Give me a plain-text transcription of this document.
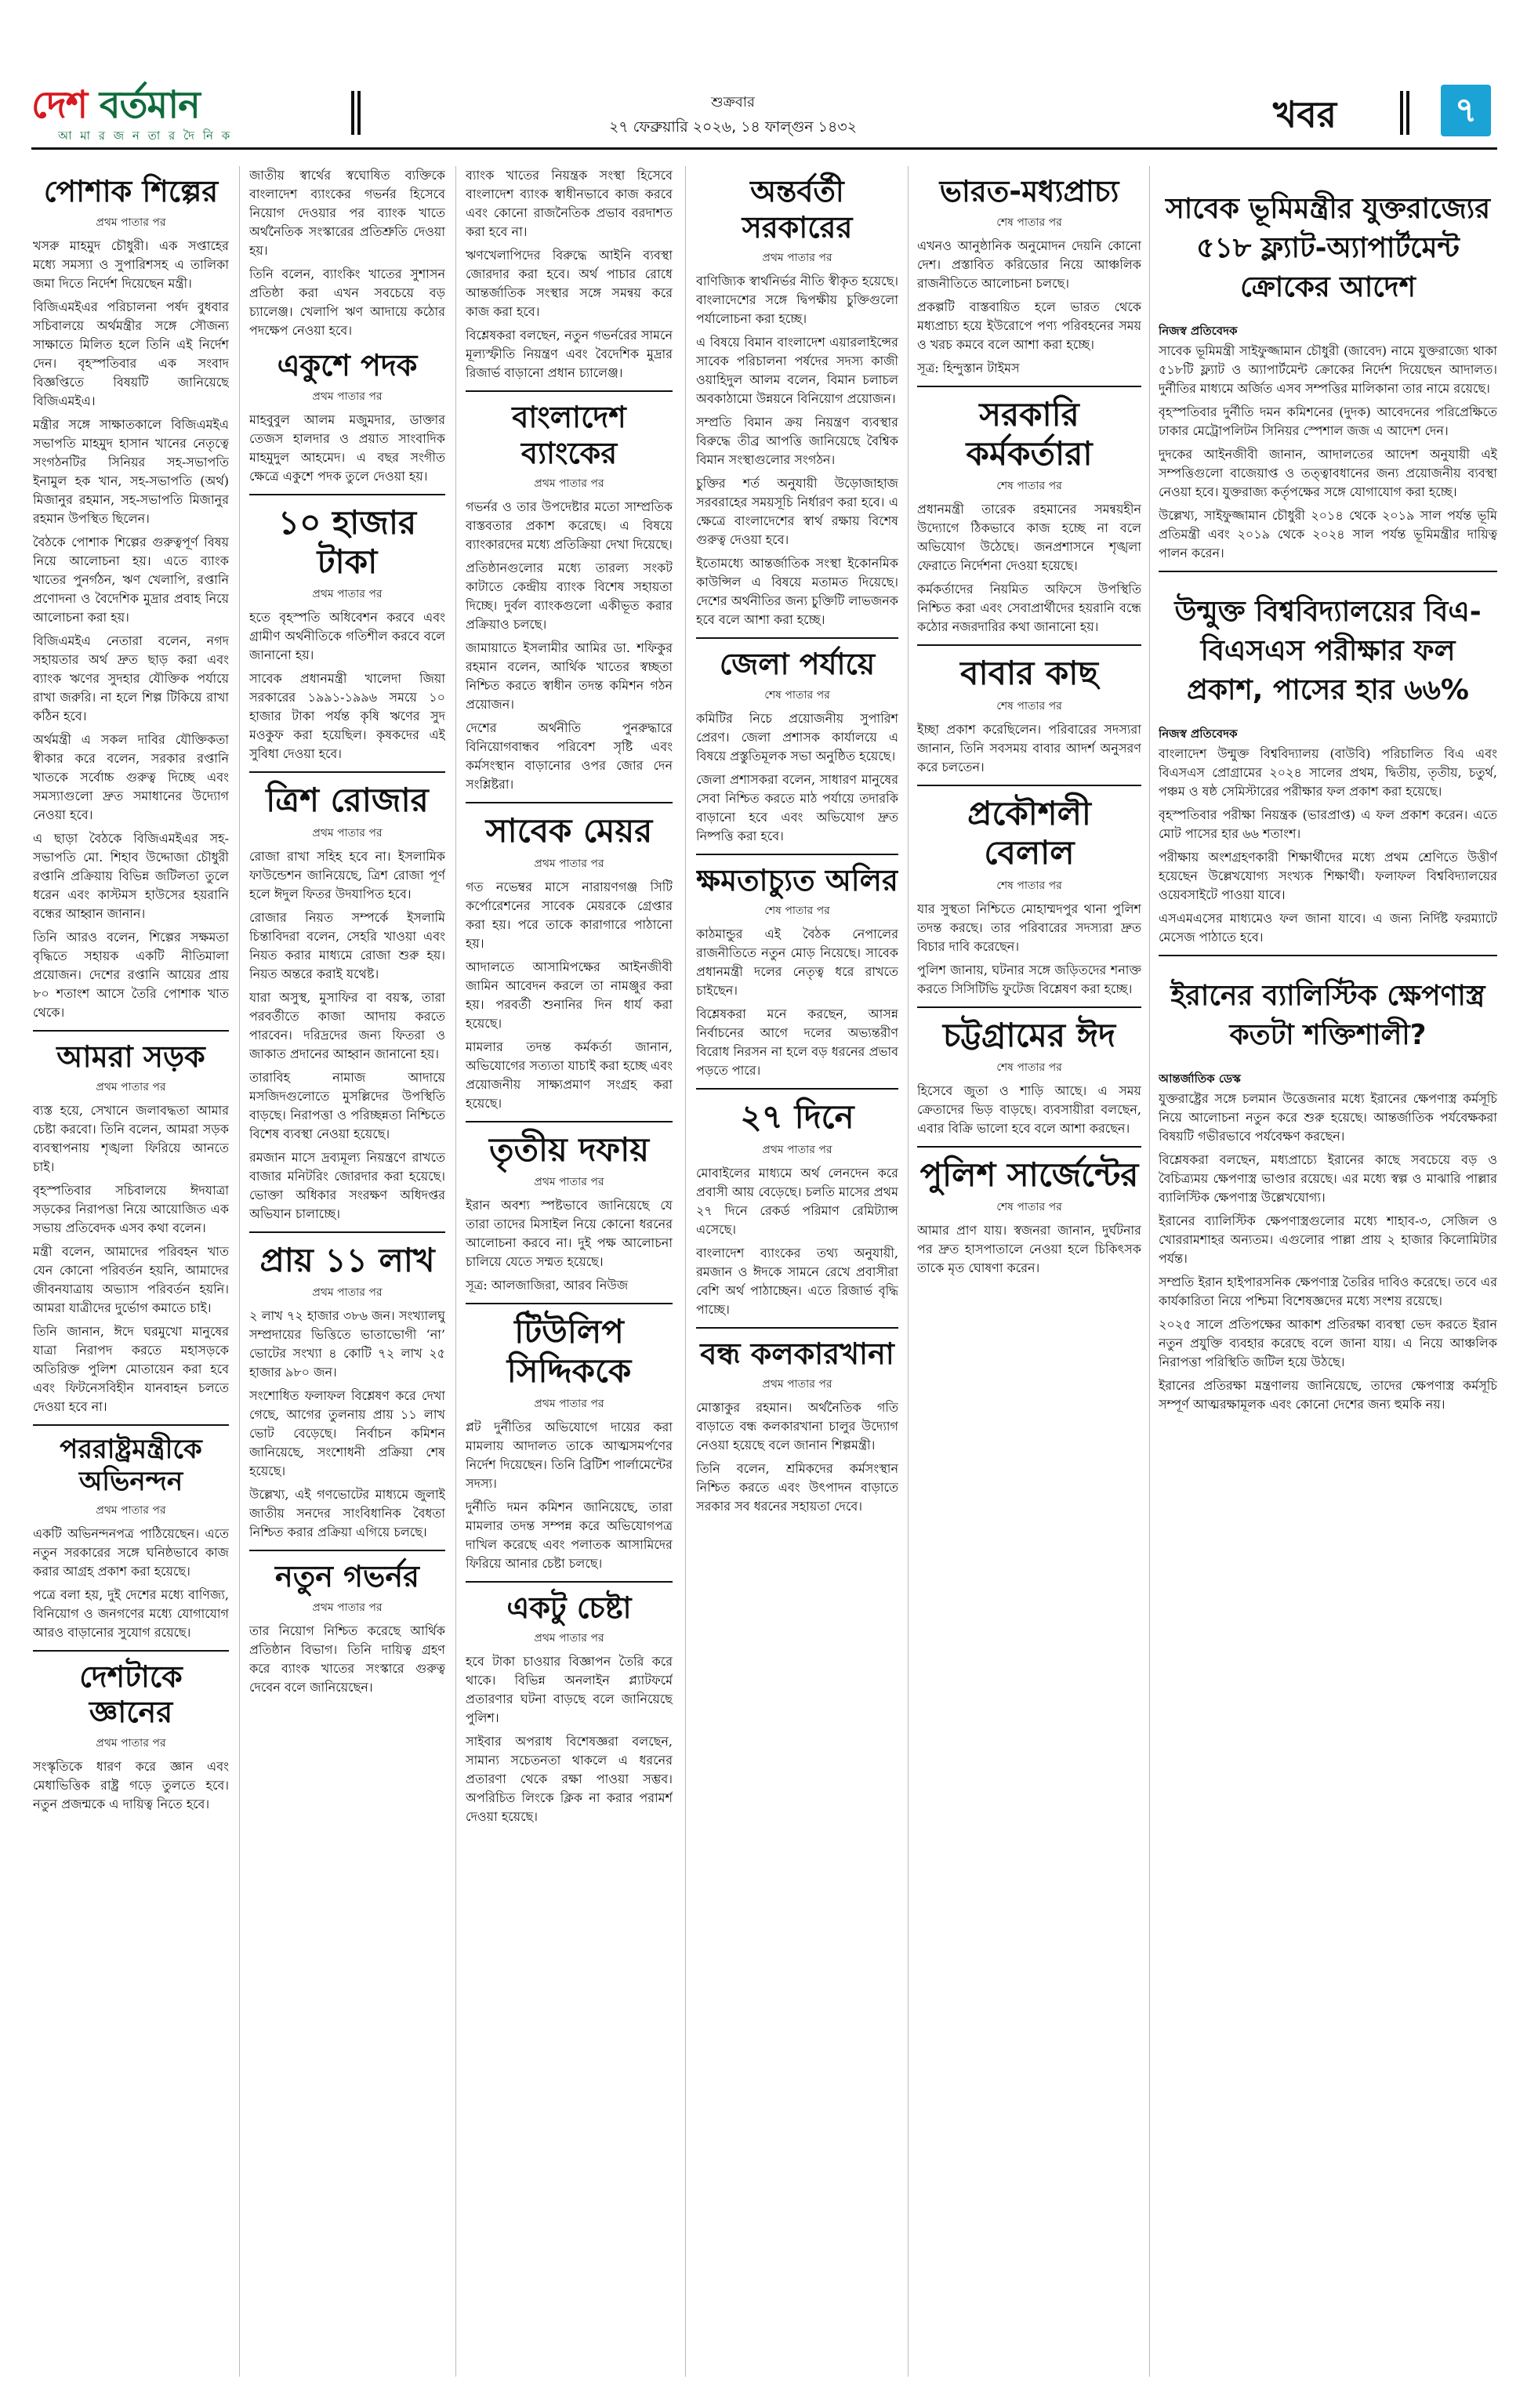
দেশ বর্তমান
আ মা র জ ন তা র দৈ নি ক
শুক্রবার
২৭ ফেব্রুয়ারি ২০২৬, ১৪ ফাল্গুন ১৪৩২	খবর	৭
পোশাক শিল্পের
প্রথম পাতার পর

খসরু মাহমুদ চৌধুরী। এক সপ্তাহের মধ্যে সমস্যা ও সুপারিশসহ এ তালিকা জমা দিতে নির্দেশ দিয়েছেন মন্ত্রী।

বিজিএমইএর পরিচালনা পর্ষদ বুধবার সচিবালয়ে অর্থমন্ত্রীর সঙ্গে সৌজন্য সাক্ষাতে মিলিত হলে তিনি এই নির্দেশ দেন। বৃহস্পতিবার এক সংবাদ বিজ্ঞপ্তিতে বিষয়টি জানিয়েছে বিজিএমইএ।

মন্ত্রীর সঙ্গে সাক্ষাতকালে বিজিএমইএ সভাপতি মাহমুদ হাসান খানের নেতৃত্বে সংগঠনটির সিনিয়র সহ-সভাপতি ইনামুল হক খান, সহ-সভাপতি (অর্থ) মিজানুর রহমান, সহ-সভাপতি মিজানুর রহমান উপস্থিত ছিলেন।

বৈঠকে পোশাক শিল্পের গুরুত্বপূর্ণ বিষয় নিয়ে আলোচনা হয়। এতে ব্যাংক খাতের পুনর্গঠন, ঋণ খেলাপি, রপ্তানি প্রণোদনা ও বৈদেশিক মুদ্রার প্রবাহ নিয়ে আলোচনা করা হয়।

বিজিএমইএ নেতারা বলেন, নগদ সহায়তার অর্থ দ্রুত ছাড় করা এবং ব্যাংক ঋণের সুদহার যৌক্তিক পর্যায়ে রাখা জরুরি। না হলে শিল্প টিকিয়ে রাখা কঠিন হবে।

অর্থমন্ত্রী এ সকল দাবির যৌক্তিকতা স্বীকার করে বলেন, সরকার রপ্তানি খাতকে সর্বোচ্চ গুরুত্ব দিচ্ছে এবং সমস্যাগুলো দ্রুত সমাধানের উদ্যোগ নেওয়া হবে।

এ ছাড়া বৈঠকে বিজিএমইএর সহ-সভাপতি মো. শিহাব উদ্দোজা চৌধুরী রপ্তানি প্রক্রিয়ায় বিভিন্ন জটিলতা তুলে ধরেন এবং কাস্টমস হাউসের হয়রানি বন্ধের আহ্বান জানান।

তিনি আরও বলেন, শিল্পের সক্ষমতা বৃদ্ধিতে সহায়ক একটি নীতিমালা প্রয়োজন। দেশের রপ্তানি আয়ের প্রায় ৮০ শতাংশ আসে তৈরি পোশাক খাত থেকে।

আমরা সড়ক
প্রথম পাতার পর

ব্যস্ত হয়ে, সেখানে জলাবদ্ধতা আমার চেষ্টা করবো। তিনি বলেন, আমরা সড়ক ব্যবস্থাপনায় শৃঙ্খলা ফিরিয়ে আনতে চাই।

বৃহস্পতিবার সচিবালয়ে ঈদযাত্রা সড়কের নিরাপত্তা নিয়ে আয়োজিত এক সভায় প্রতিবেদক এসব কথা বলেন।

মন্ত্রী বলেন, আমাদের পরিবহন খাত যেন কোনো পরিবর্তন হয়নি, আমাদের জীবনযাত্রায় অভ্যাস পরিবর্তন হয়নি। আমরা যাত্রীদের দুর্ভোগ কমাতে চাই।

তিনি জানান, ঈদে ঘরমুখো মানুষের যাত্রা নিরাপদ করতে মহাসড়কে অতিরিক্ত পুলিশ মোতায়েন করা হবে এবং ফিটনেসবিহীন যানবাহন চলতে দেওয়া হবে না।

পররাষ্ট্রমন্ত্রীকে অভিনন্দন
প্রথম পাতার পর

একটি অভিনন্দনপত্র পাঠিয়েছেন। এতে নতুন সরকারের সঙ্গে ঘনিষ্ঠভাবে কাজ করার আগ্রহ প্রকাশ করা হয়েছে।

পত্রে বলা হয়, দুই দেশের মধ্যে বাণিজ্য, বিনিয়োগ ও জনগণের মধ্যে যোগাযোগ আরও বাড়ানোর সুযোগ রয়েছে।

দেশটাকে জ্ঞানের
প্রথম পাতার পর

সংস্কৃতিকে ধারণ করে জ্ঞান এবং মেধাভিত্তিক রাষ্ট্র গড়ে তুলতে হবে। নতুন প্রজন্মকে এ দায়িত্ব নিতে হবে।

জাতীয় স্বার্থের স্বঘোষিত ব্যক্তিকে বাংলাদেশ ব্যাংকের গভর্নর হিসেবে নিয়োগ দেওয়ার পর ব্যাংক খাতে অর্থনৈতিক সংস্কারের প্রতিশ্রুতি দেওয়া হয়।

তিনি বলেন, ব্যাংকিং খাতের সুশাসন প্রতিষ্ঠা করা এখন সবচেয়ে বড় চ্যালেঞ্জ। খেলাপি ঋণ আদায়ে কঠোর পদক্ষেপ নেওয়া হবে।

একুশে পদক
প্রথম পাতার পর

মাহবুবুল আলম মজুমদার, ডাক্তার তেজস হালদার ও প্রয়াত সাংবাদিক মাহমুদুল আহমেদ। এ বছর সংগীত ক্ষেত্রে একুশে পদক তুলে দেওয়া হয়।

১০ হাজার টাকা
প্রথম পাতার পর

হতে বৃহস্পতি অধিবেশন করবে এবং গ্রামীণ অর্থনীতিকে গতিশীল করবে বলে জানানো হয়।

সাবেক প্রধানমন্ত্রী খালেদা জিয়া সরকারের ১৯৯১-১৯৯৬ সময়ে ১০ হাজার টাকা পর্যন্ত কৃষি ঋণের সুদ মওকুফ করা হয়েছিল। কৃষকদের এই সুবিধা দেওয়া হবে।

ত্রিশ রোজার
প্রথম পাতার পর

রোজা রাখা সহিহ হবে না। ইসলামিক ফাউন্ডেশন জানিয়েছে, ত্রিশ রোজা পূর্ণ হলে ঈদুল ফিতর উদযাপিত হবে।

রোজার নিয়ত সম্পর্কে ইসলামি চিন্তাবিদরা বলেন, সেহরি খাওয়া এবং নিয়ত করার মাধ্যমে রোজা শুরু হয়। নিয়ত অন্তরে করাই যথেষ্ট।

যারা অসুস্থ, মুসাফির বা বয়স্ক, তারা পরবর্তীতে কাজা আদায় করতে পারবেন। দরিদ্রদের জন্য ফিতরা ও জাকাত প্রদানের আহ্বান জানানো হয়।

তারাবিহ নামাজ আদায়ে মসজিদগুলোতে মুসল্লিদের উপস্থিতি বাড়ছে। নিরাপত্তা ও পরিচ্ছন্নতা নিশ্চিতে বিশেষ ব্যবস্থা নেওয়া হয়েছে।

রমজান মাসে দ্রব্যমূল্য নিয়ন্ত্রণে রাখতে বাজার মনিটরিং জোরদার করা হয়েছে। ভোক্তা অধিকার সংরক্ষণ অধিদপ্তর অভিযান চালাচ্ছে।

প্রায় ১১ লাখ
প্রথম পাতার পর

২ লাখ ৭২ হাজার ৩৮৬ জন। সংখ্যালঘু সম্প্রদায়ের ভিত্তিতে ভাতাভোগী ‘না’ ভোটের সংখ্যা ৪ কোটি ৭২ লাখ ২৫ হাজার ৯৮০ জন।

সংশোধিত ফলাফল বিশ্লেষণ করে দেখা গেছে, আগের তুলনায় প্রায় ১১ লাখ ভোট বেড়েছে। নির্বাচন কমিশন জানিয়েছে, সংশোধনী প্রক্রিয়া শেষ হয়েছে।

উল্লেখ্য, এই গণভোটের মাধ্যমে জুলাই জাতীয় সনদের সাংবিধানিক বৈধতা নিশ্চিত করার প্রক্রিয়া এগিয়ে চলছে।

নতুন গভর্নর
প্রথম পাতার পর

তার নিয়োগ নিশ্চিত করেছে আর্থিক প্রতিষ্ঠান বিভাগ। তিনি দায়িত্ব গ্রহণ করে ব্যাংক খাতের সংস্কারে গুরুত্ব দেবেন বলে জানিয়েছেন।

ব্যাংক খাতের নিয়ন্ত্রক সংস্থা হিসেবে বাংলাদেশ ব্যাংক স্বাধীনভাবে কাজ করবে এবং কোনো রাজনৈতিক প্রভাব বরদাশত করা হবে না।

ঋণখেলাপিদের বিরুদ্ধে আইনি ব্যবস্থা জোরদার করা হবে। অর্থ পাচার রোধে আন্তর্জাতিক সংস্থার সঙ্গে সমন্বয় করে কাজ করা হবে।

বিশ্লেষকরা বলছেন, নতুন গভর্নরের সামনে মূল্যস্ফীতি নিয়ন্ত্রণ এবং বৈদেশিক মুদ্রার রিজার্ভ বাড়ানো প্রধান চ্যালেঞ্জ।

বাংলাদেশ ব্যাংকের
প্রথম পাতার পর

গভর্নর ও তার উপদেষ্টার মতো সাম্প্রতিক বাস্তবতার প্রকাশ করেছে। এ বিষয়ে ব্যাংকারদের মধ্যে প্রতিক্রিয়া দেখা দিয়েছে।

প্রতিষ্ঠানগুলোর মধ্যে তারল্য সংকট কাটাতে কেন্দ্রীয় ব্যাংক বিশেষ সহায়তা দিচ্ছে। দুর্বল ব্যাংকগুলো একীভূত করার প্রক্রিয়াও চলছে।

জামায়াতে ইসলামীর আমির ডা. শফিকুর রহমান বলেন, আর্থিক খাতের স্বচ্ছতা নিশ্চিত করতে স্বাধীন তদন্ত কমিশন গঠন প্রয়োজন।

দেশের অর্থনীতি পুনরুদ্ধারে বিনিয়োগবান্ধব পরিবেশ সৃষ্টি এবং কর্মসংস্থান বাড়ানোর ওপর জোর দেন সংশ্লিষ্টরা।

সাবেক মেয়র
প্রথম পাতার পর

গত নভেম্বর মাসে নারায়ণগঞ্জ সিটি কর্পোরেশনের সাবেক মেয়রকে গ্রেপ্তার করা হয়। পরে তাকে কারাগারে পাঠানো হয়।

আদালতে আসামিপক্ষের আইনজীবী জামিন আবেদন করলে তা নামঞ্জুর করা হয়। পরবর্তী শুনানির দিন ধার্য করা হয়েছে।

মামলার তদন্ত কর্মকর্তা জানান, অভিযোগের সত্যতা যাচাই করা হচ্ছে এবং প্রয়োজনীয় সাক্ষ্যপ্রমাণ সংগ্রহ করা হয়েছে।

তৃতীয় দফায়
প্রথম পাতার পর

ইরান অবশ্য স্পষ্টভাবে জানিয়েছে যে তারা তাদের মিসাইল নিয়ে কোনো ধরনের আলোচনা করবে না। দুই পক্ষ আলোচনা চালিয়ে যেতে সম্মত হয়েছে।

সূত্র: আলজাজিরা, আরব নিউজ

টিউলিপ সিদ্দিককে
প্রথম পাতার পর

প্লট দুর্নীতির অভিযোগে দায়ের করা মামলায় আদালত তাকে আত্মসমর্পণের নির্দেশ দিয়েছেন। তিনি ব্রিটিশ পার্লামেন্টের সদস্য।

দুর্নীতি দমন কমিশন জানিয়েছে, তারা মামলার তদন্ত সম্পন্ন করে অভিযোগপত্র দাখিল করেছে এবং পলাতক আসামিদের ফিরিয়ে আনার চেষ্টা চলছে।

একটু চেষ্টা
প্রথম পাতার পর

হবে টাকা চাওয়ার বিজ্ঞাপন তৈরি করে থাকে। বিভিন্ন অনলাইন প্ল্যাটফর্মে প্রতারণার ঘটনা বাড়ছে বলে জানিয়েছে পুলিশ।

সাইবার অপরাধ বিশেষজ্ঞরা বলছেন, সামান্য সচেতনতা থাকলে এ ধরনের প্রতারণা থেকে রক্ষা পাওয়া সম্ভব। অপরিচিত লিংকে ক্লিক না করার পরামর্শ দেওয়া হয়েছে।

অন্তর্বর্তী সরকারের
প্রথম পাতার পর

বাণিজ্যিক স্বার্থনির্ভর নীতি স্বীকৃত হয়েছে। বাংলাদেশের সঙ্গে দ্বিপক্ষীয় চুক্তিগুলো পর্যালোচনা করা হচ্ছে।

এ বিষয়ে বিমান বাংলাদেশ এয়ারলাইন্সের সাবেক পরিচালনা পর্ষদের সদস্য কাজী ওয়াহিদুল আলম বলেন, বিমান চলাচল অবকাঠামো উন্নয়নে বিনিয়োগ প্রয়োজন।

সম্প্রতি বিমান ক্রয় নিয়ন্ত্রণ ব্যবস্থার বিরুদ্ধে তীব্র আপত্তি জানিয়েছে বৈশ্বিক বিমান সংস্থাগুলোর সংগঠন।

চুক্তির শর্ত অনুযায়ী উড়োজাহাজ সরবরাহের সময়সূচি নির্ধারণ করা হবে। এ ক্ষেত্রে বাংলাদেশের স্বার্থ রক্ষায় বিশেষ গুরুত্ব দেওয়া হবে।

ইতোমধ্যে আন্তর্জাতিক সংস্থা ইকোনমিক কাউন্সিল এ বিষয়ে মতামত দিয়েছে। দেশের অর্থনীতির জন্য চুক্তিটি লাভজনক হবে বলে আশা করা হচ্ছে।

জেলা পর্যায়ে
শেষ পাতার পর

কমিটির নিচে প্রয়োজনীয় সুপারিশ প্রেরণ। জেলা প্রশাসক কার্যালয়ে এ বিষয়ে প্রস্তুতিমূলক সভা অনুষ্ঠিত হয়েছে।

জেলা প্রশাসকরা বলেন, সাধারণ মানুষের সেবা নিশ্চিত করতে মাঠ পর্যায়ে তদারকি বাড়ানো হবে এবং অভিযোগ দ্রুত নিষ্পত্তি করা হবে।

ক্ষমতাচ্যুত অলির
শেষ পাতার পর

কাঠমান্ডুর এই বৈঠক নেপালের রাজনীতিতে নতুন মোড় নিয়েছে। সাবেক প্রধানমন্ত্রী দলের নেতৃত্ব ধরে রাখতে চাইছেন।

বিশ্লেষকরা মনে করছেন, আসন্ন নির্বাচনের আগে দলের অভ্যন্তরীণ বিরোধ নিরসন না হলে বড় ধরনের প্রভাব পড়তে পারে।

২৭ দিনে
প্রথম পাতার পর

মোবাইলের মাধ্যমে অর্থ লেনদেন করে প্রবাসী আয় বেড়েছে। চলতি মাসের প্রথম ২৭ দিনে রেকর্ড পরিমাণ রেমিট্যান্স এসেছে।

বাংলাদেশ ব্যাংকের তথ্য অনুযায়ী, রমজান ও ঈদকে সামনে রেখে প্রবাসীরা বেশি অর্থ পাঠাচ্ছেন। এতে রিজার্ভ বৃদ্ধি পাচ্ছে।

বন্ধ কলকারখানা
প্রথম পাতার পর

মোস্তাকুর রহমান। অর্থনৈতিক গতি বাড়াতে বন্ধ কলকারখানা চালুর উদ্যোগ নেওয়া হয়েছে বলে জানান শিল্পমন্ত্রী।

তিনি বলেন, শ্রমিকদের কর্মসংস্থান নিশ্চিত করতে এবং উৎপাদন বাড়াতে সরকার সব ধরনের সহায়তা দেবে।

ভারত-মধ্যপ্রাচ্য
শেষ পাতার পর

এখনও আনুষ্ঠানিক অনুমোদন দেয়নি কোনো দেশ। প্রস্তাবিত করিডোর নিয়ে আঞ্চলিক রাজনীতিতে আলোচনা চলছে।

প্রকল্পটি বাস্তবায়িত হলে ভারত থেকে মধ্যপ্রাচ্য হয়ে ইউরোপে পণ্য পরিবহনের সময় ও খরচ কমবে বলে আশা করা হচ্ছে।

সূত্র: হিন্দুস্তান টাইমস

সরকারি কর্মকর্তারা
শেষ পাতার পর

প্রধানমন্ত্রী তারেক রহমানের সমন্বয়হীন উদ্যোগে ঠিকভাবে কাজ হচ্ছে না বলে অভিযোগ উঠেছে। জনপ্রশাসনে শৃঙ্খলা ফেরাতে নির্দেশনা দেওয়া হয়েছে।

কর্মকর্তাদের নিয়মিত অফিসে উপস্থিতি নিশ্চিত করা এবং সেবাপ্রার্থীদের হয়রানি বন্ধে কঠোর নজরদারির কথা জানানো হয়।

বাবার কাছ
শেষ পাতার পর

ইচ্ছা প্রকাশ করেছিলেন। পরিবারের সদস্যরা জানান, তিনি সবসময় বাবার আদর্শ অনুসরণ করে চলতেন।

প্রকৌশলী বেলাল
শেষ পাতার পর

যার সুস্থতা নিশ্চিতে মোহাম্মদপুর থানা পুলিশ তদন্ত করছে। তার পরিবারের সদস্যরা দ্রুত বিচার দাবি করেছেন।

পুলিশ জানায়, ঘটনার সঙ্গে জড়িতদের শনাক্ত করতে সিসিটিভি ফুটেজ বিশ্লেষণ করা হচ্ছে।

চট্টগ্রামের ঈদ
শেষ পাতার পর

হিসেবে জুতা ও শাড়ি আছে। এ সময় ক্রেতাদের ভিড় বাড়ছে। ব্যবসায়ীরা বলছেন, এবার বিক্রি ভালো হবে বলে আশা করছেন।

পুলিশ সার্জেন্টের
শেষ পাতার পর

আমার প্রাণ যায়। স্বজনরা জানান, দুর্ঘটনার পর দ্রুত হাসপাতালে নেওয়া হলে চিকিৎসক তাকে মৃত ঘোষণা করেন।

সাবেক ভূমিমন্ত্রীর যুক্তরাজ্যের ৫১৮ ফ্ল্যাট-অ্যাপার্টমেন্ট ক্রোকের আদেশ

নিজস্ব প্রতিবেদক

সাবেক ভূমিমন্ত্রী সাইফুজ্জামান চৌধুরী (জাবেদ) নামে যুক্তরাজ্যে থাকা ৫১৮টি ফ্ল্যাট ও অ্যাপার্টমেন্ট ক্রোকের নির্দেশ দিয়েছেন আদালত। দুর্নীতির মাধ্যমে অর্জিত এসব সম্পত্তির মালিকানা তার নামে রয়েছে।

বৃহস্পতিবার দুর্নীতি দমন কমিশনের (দুদক) আবেদনের পরিপ্রেক্ষিতে ঢাকার মেট্রোপলিটন সিনিয়র স্পেশাল জজ এ আদেশ দেন।

দুদকের আইনজীবী জানান, আদালতের আদেশ অনুযায়ী এই সম্পত্তিগুলো বাজেয়াপ্ত ও তত্ত্বাবধানের জন্য প্রয়োজনীয় ব্যবস্থা নেওয়া হবে। যুক্তরাজ্য কর্তৃপক্ষের সঙ্গে যোগাযোগ করা হচ্ছে।

উল্লেখ্য, সাইফুজ্জামান চৌধুরী ২০১৪ থেকে ২০১৯ সাল পর্যন্ত ভূমি প্রতিমন্ত্রী এবং ২০১৯ থেকে ২০২৪ সাল পর্যন্ত ভূমিমন্ত্রীর দায়িত্ব পালন করেন।

উন্মুক্ত বিশ্ববিদ্যালয়ের বিএ-বিএসএস পরীক্ষার ফল প্রকাশ, পাসের হার ৬৬%

নিজস্ব প্রতিবেদক

বাংলাদেশ উন্মুক্ত বিশ্ববিদ্যালয় (বাউবি) পরিচালিত বিএ এবং বিএসএস প্রোগ্রামের ২০২৪ সালের প্রথম, দ্বিতীয়, তৃতীয়, চতুর্থ, পঞ্চম ও ষষ্ঠ সেমিস্টারের পরীক্ষার ফল প্রকাশ করা হয়েছে।

বৃহস্পতিবার পরীক্ষা নিয়ন্ত্রক (ভারপ্রাপ্ত) এ ফল প্রকাশ করেন। এতে মোট পাসের হার ৬৬ শতাংশ।

পরীক্ষায় অংশগ্রহণকারী শিক্ষার্থীদের মধ্যে প্রথম শ্রেণিতে উত্তীর্ণ হয়েছেন উল্লেখযোগ্য সংখ্যক শিক্ষার্থী। ফলাফল বিশ্ববিদ্যালয়ের ওয়েবসাইটে পাওয়া যাবে।

এসএমএসের মাধ্যমেও ফল জানা যাবে। এ জন্য নির্দিষ্ট ফরম্যাটে মেসেজ পাঠাতে হবে।

ইরানের ব্যালিস্টিক ক্ষেপণাস্ত্র কতটা শক্তিশালী?

আন্তর্জাতিক ডেস্ক

যুক্তরাষ্ট্রের সঙ্গে চলমান উত্তেজনার মধ্যে ইরানের ক্ষেপণাস্ত্র কর্মসূচি নিয়ে আলোচনা নতুন করে শুরু হয়েছে। আন্তর্জাতিক পর্যবেক্ষকরা বিষয়টি গভীরভাবে পর্যবেক্ষণ করছেন।

বিশ্লেষকরা বলছেন, মধ্যপ্রাচ্যে ইরানের কাছে সবচেয়ে বড় ও বৈচিত্র্যময় ক্ষেপণাস্ত্র ভাণ্ডার রয়েছে। এর মধ্যে স্বল্প ও মাঝারি পাল্লার ব্যালিস্টিক ক্ষেপণাস্ত্র উল্লেখযোগ্য।

ইরানের ব্যালিস্টিক ক্ষেপণাস্ত্রগুলোর মধ্যে শাহাব-৩, সেজিল ও খোররামশাহর অন্যতম। এগুলোর পাল্লা প্রায় ২ হাজার কিলোমিটার পর্যন্ত।

সম্প্রতি ইরান হাইপারসনিক ক্ষেপণাস্ত্র তৈরির দাবিও করেছে। তবে এর কার্যকারিতা নিয়ে পশ্চিমা বিশেষজ্ঞদের মধ্যে সংশয় রয়েছে।

২০২৫ সালে প্রতিপক্ষের আকাশ প্রতিরক্ষা ব্যবস্থা ভেদ করতে ইরান নতুন প্রযুক্তি ব্যবহার করেছে বলে জানা যায়। এ নিয়ে আঞ্চলিক নিরাপত্তা পরিস্থিতি জটিল হয়ে উঠছে।

ইরানের প্রতিরক্ষা মন্ত্রণালয় জানিয়েছে, তাদের ক্ষেপণাস্ত্র কর্মসূচি সম্পূর্ণ আত্মরক্ষামূলক এবং কোনো দেশের জন্য হুমকি নয়।
